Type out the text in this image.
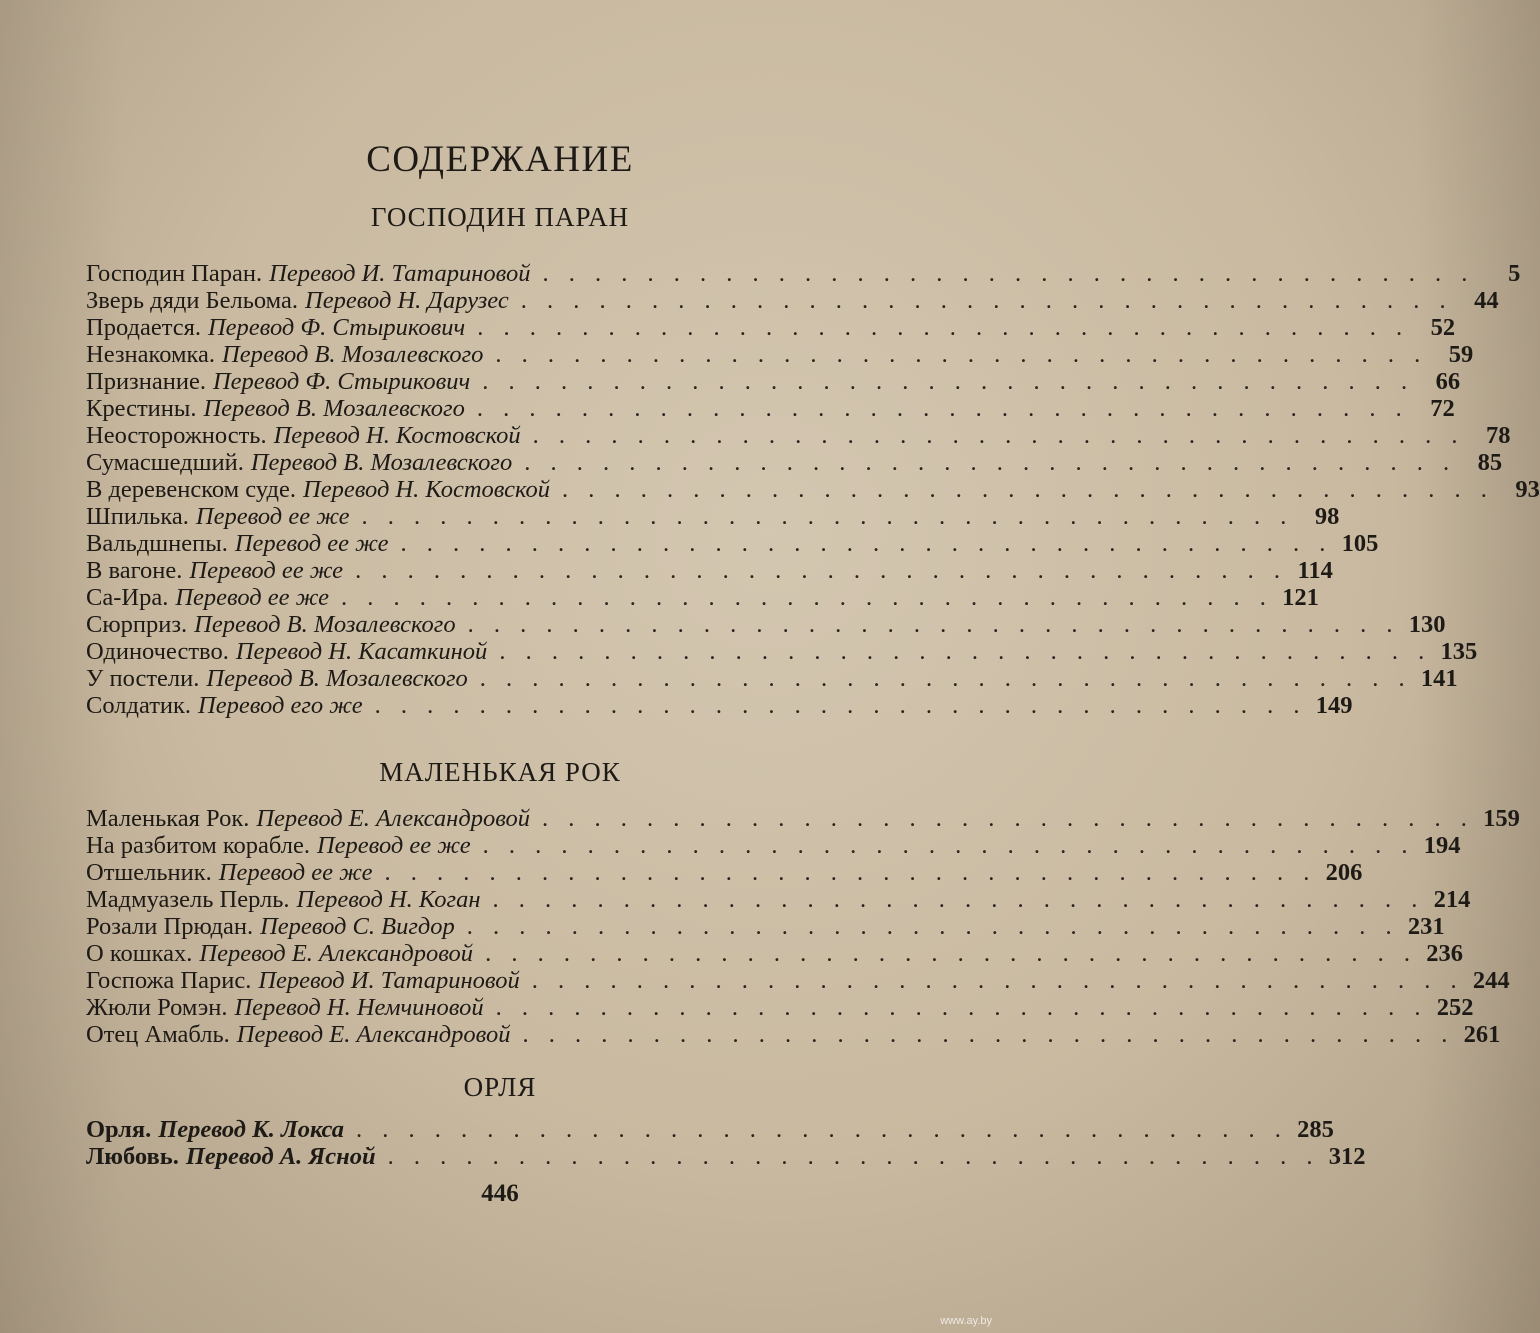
СОДЕРЖАНИЕ
ГОСПОДИН ПАРАН
Господин Паран. Перевод И. Татариновой . . . . . . . . . . . . . . . . . . . . . . . . . . . . . . . . . . . .	5
Зверь дяди Бельома. Перевод Н. Дарузес . . . . . . . . . . . . . . . . . . . . . . . . . . . . . . . . . . . . 44
Продается. Перевод Ф. Стырикович . . . . . . . . . . . . . . . . . . . . . . . . . . . . . . . . . . . . 52
Незнакомка. Перевод В. Мозалевского . . . . . . . . . . . . . . . . . . . . . . . . . . . . . . . . . . . . 59
Признание. Перевод Ф. Стырикович . . . . . . . . . . . . . . . . . . . . . . . . . . . . . . . . . . . . 66
Крестины. Перевод В. Мозалевского . . . . . . . . . . . . . . . . . . . . . . . . . . . . . . . . . . . . 72
Неосторожность. Перевод Н. Костовской . . . . . . . . . . . . . . . . . . . . . . . . . . . . . . . . . . . . 78
Сумасшедший. Перевод В. Мозалевского . . . . . . . . . . . . . . . . . . . . . . . . . . . . . . . . . . . . 85
В деревенском суде. Перевод Н. Костовской . . . . . . . . . . . . . . . . . . . . . . . . . . . . . . . . . . . . 93
Шпилька. Перевод ее же . . . . . . . . . . . . . . . . . . . . . . . . . . . . . . . . . . . . 98
Вальдшнепы. Перевод ее же . . . . . . . . . . . . . . . . . . . . . . . . . . . . . . . . . . . . 105
В вагоне. Перевод ее же . . . . . . . . . . . . . . . . . . . . . . . . . . . . . . . . . . . . 114
Са-Ира. Перевод ее же . . . . . . . . . . . . . . . . . . . . . . . . . . . . . . . . . . . . 121
Сюрприз. Перевод В. Мозалевского . . . . . . . . . . . . . . . . . . . . . . . . . . . . . . . . . . . . 130
Одиночество. Перевод Н. Касаткиной . . . . . . . . . . . . . . . . . . . . . . . . . . . . . . . . . . . . 135
У постели. Перевод В. Мозалевского . . . . . . . . . . . . . . . . . . . . . . . . . . . . . . . . . . . . 141
Солдатик. Перевод его же . . . . . . . . . . . . . . . . . . . . . . . . . . . . . . . . . . . . 149
МАЛЕНЬКАЯ РОК
Маленькая Рок. Перевод Е. Александровой . . . . . . . . . . . . . . . . . . . . . . . . . . . . . . . . . . . . 159
На разбитом корабле. Перевод ее же . . . . . . . . . . . . . . . . . . . . . . . . . . . . . . . . . . . . 194
Отшельник. Перевод ее же . . . . . . . . . . . . . . . . . . . . . . . . . . . . . . . . . . . . 206
Мадмуазель Перль. Перевод Н. Коган . . . . . . . . . . . . . . . . . . . . . . . . . . . . . . . . . . . . 214
Розали Прюдан. Перевод С. Вигдор . . . . . . . . . . . . . . . . . . . . . . . . . . . . . . . . . . . . 231
О кошках. Перевод Е. Александровой . . . . . . . . . . . . . . . . . . . . . . . . . . . . . . . . . . . . 236
Госпожа Парис. Перевод И. Татариновой . . . . . . . . . . . . . . . . . . . . . . . . . . . . . . . . . . . . 244
Жюли Ромэн. Перевод Н. Немчиновой . . . . . . . . . . . . . . . . . . . . . . . . . . . . . . . . . . . . 252
Отец Амабль. Перевод Е. Александровой . . . . . . . . . . . . . . . . . . . . . . . . . . . . . . . . . . . . 261
ОРЛЯ
Орля. Перевод К. Локса . . . . . . . . . . . . . . . . . . . . . . . . . . . . . . . . . . . . 285
Любовь. Перевод А. Ясной . . . . . . . . . . . . . . . . . . . . . . . . . . . . . . . . . . . . 312
446
www.ay.by
